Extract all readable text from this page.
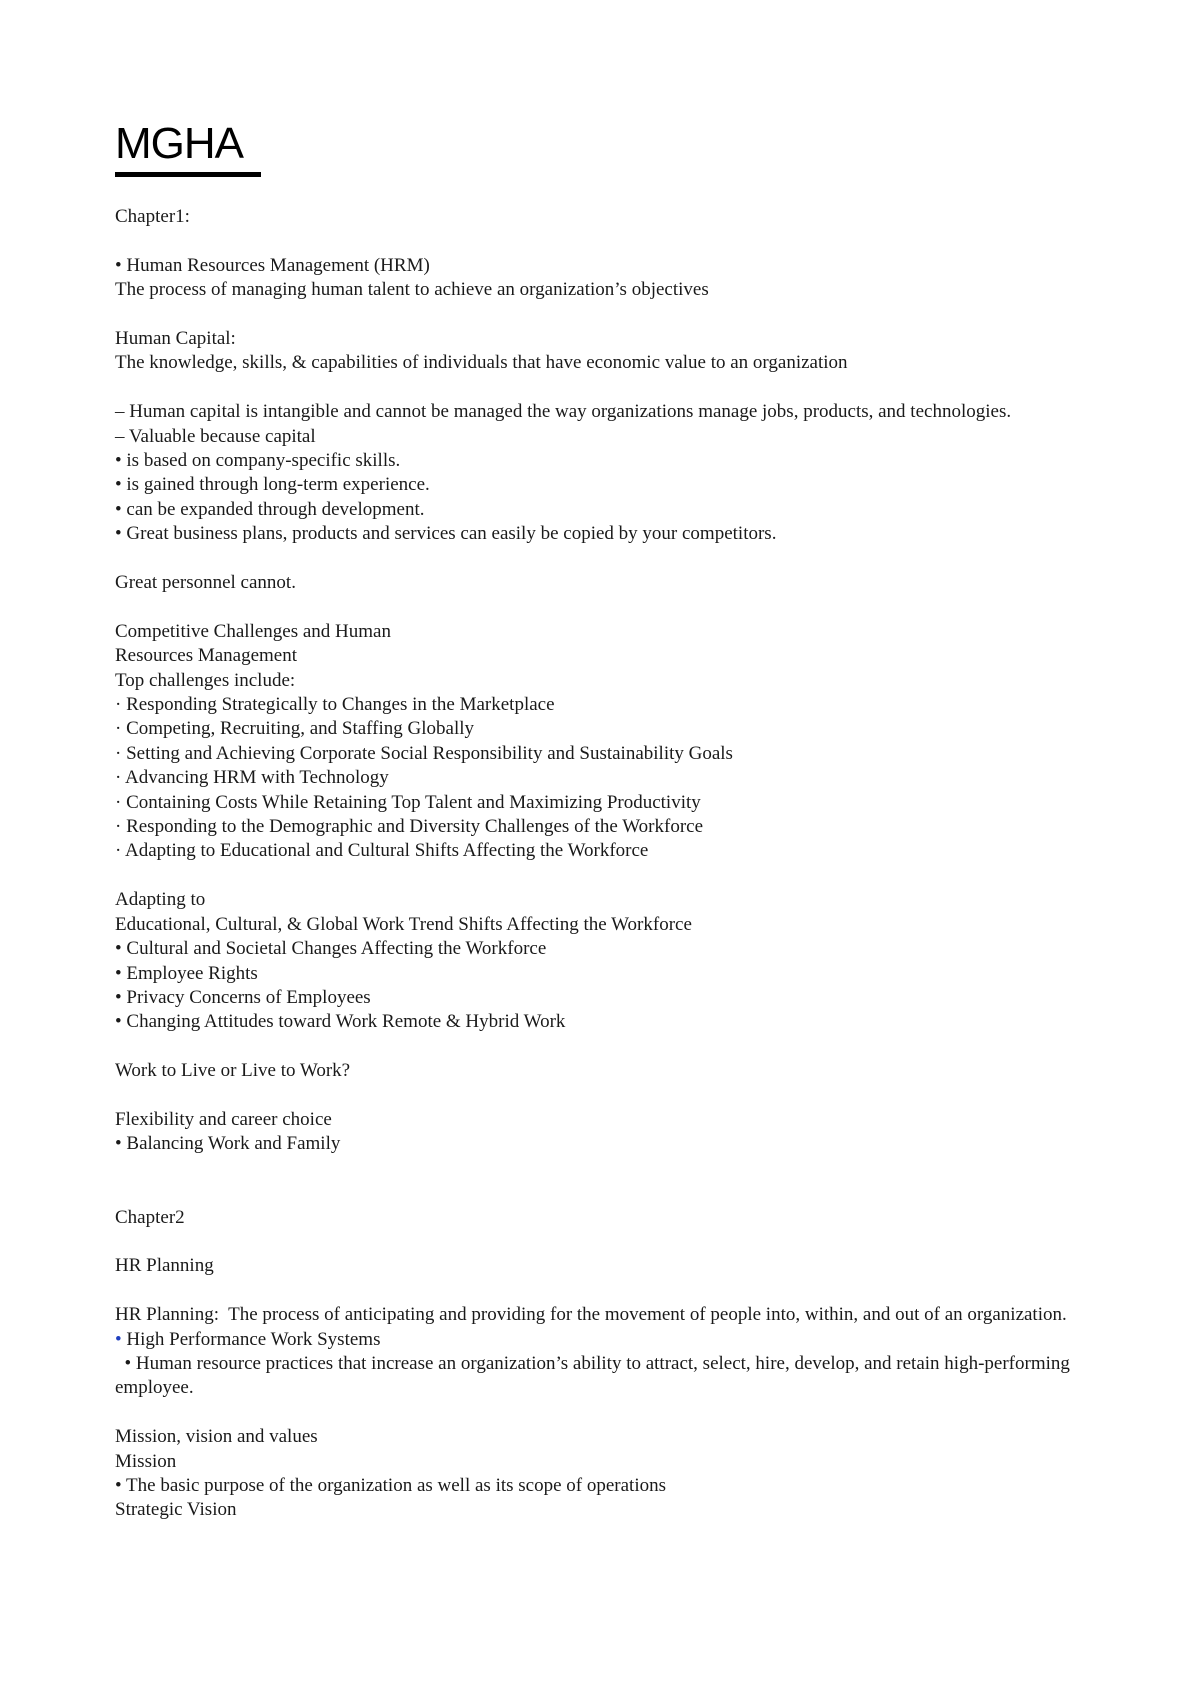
MGHA
Chapter1:
• Human Resources Management (HRM)
The process of managing human talent to achieve an organization’s objectives
Human Capital:
The knowledge, skills, & capabilities of individuals that have economic value to an organization
– Human capital is intangible and cannot be managed the way organizations manage jobs, products, and technologies.
– Valuable because capital
• is based on company-specific skills.
• is gained through long-term experience.
• can be expanded through development.
• Great business plans, products and services can easily be copied by your competitors.
Great personnel cannot.
Competitive Challenges and Human
Resources Management
Top challenges include:
· Responding Strategically to Changes in the Marketplace
· Competing, Recruiting, and Staffing Globally
· Setting and Achieving Corporate Social Responsibility and Sustainability Goals
· Advancing HRM with Technology
· Containing Costs While Retaining Top Talent and Maximizing Productivity
· Responding to the Demographic and Diversity Challenges of the Workforce
· Adapting to Educational and Cultural Shifts Affecting the Workforce
Adapting to
Educational, Cultural, & Global Work Trend Shifts Affecting the Workforce
• Cultural and Societal Changes Affecting the Workforce
• Employee Rights
• Privacy Concerns of Employees
• Changing Attitudes toward Work Remote & Hybrid Work
Work to Live or Live to Work?
Flexibility and career choice
• Balancing Work and Family
Chapter2
HR Planning
HR Planning:  The process of anticipating and providing for the movement of people into, within, and out of an organization.
• High Performance Work Systems
• Human resource practices that increase an organization’s ability to attract, select, hire, develop, and retain high-performing employee.
Mission, vision and values
Mission
• The basic purpose of the organization as well as its scope of operations
Strategic Vision
